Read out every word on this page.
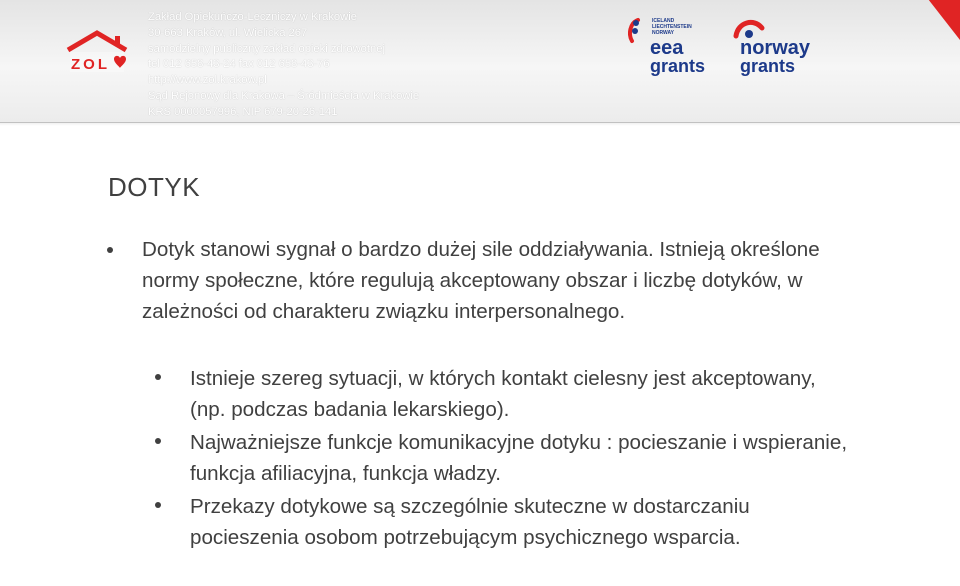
ZOL
Zakład Opiekuńczo-Leczniczy w Krakowie
30-663 Kraków, ul. Wielicka 267
samodzielny publiczny zakład opieki zdrowotnej
tel 012 658-43-24 fax 012 658-43-76
http://www.zol.krakow.pl
Sąd Rejonowy dla Krakowa – Śródmieścia w Krakowie
KRS 0000057996, NIP 679-20-26-141
ICELAND
LIECHTENSTEIN
NORWAY
eea
grants
norway
grants
DOTYK
Dotyk stanowi sygnał o bardzo dużej sile oddziaływania. Istnieją określone normy społeczne, które regulują akceptowany obszar i liczbę dotyków, w zależności od charakteru związku interpersonalnego.
Istnieje szereg sytuacji, w których kontakt cielesny jest akceptowany, (np. podczas badania lekarskiego).
Najważniejsze funkcje komunikacyjne dotyku : pocieszanie i wspieranie, funkcja afiliacyjna, funkcja władzy.
Przekazy dotykowe są szczególnie skuteczne w dostarczaniu pocieszenia osobom potrzebującym psychicznego wsparcia.
